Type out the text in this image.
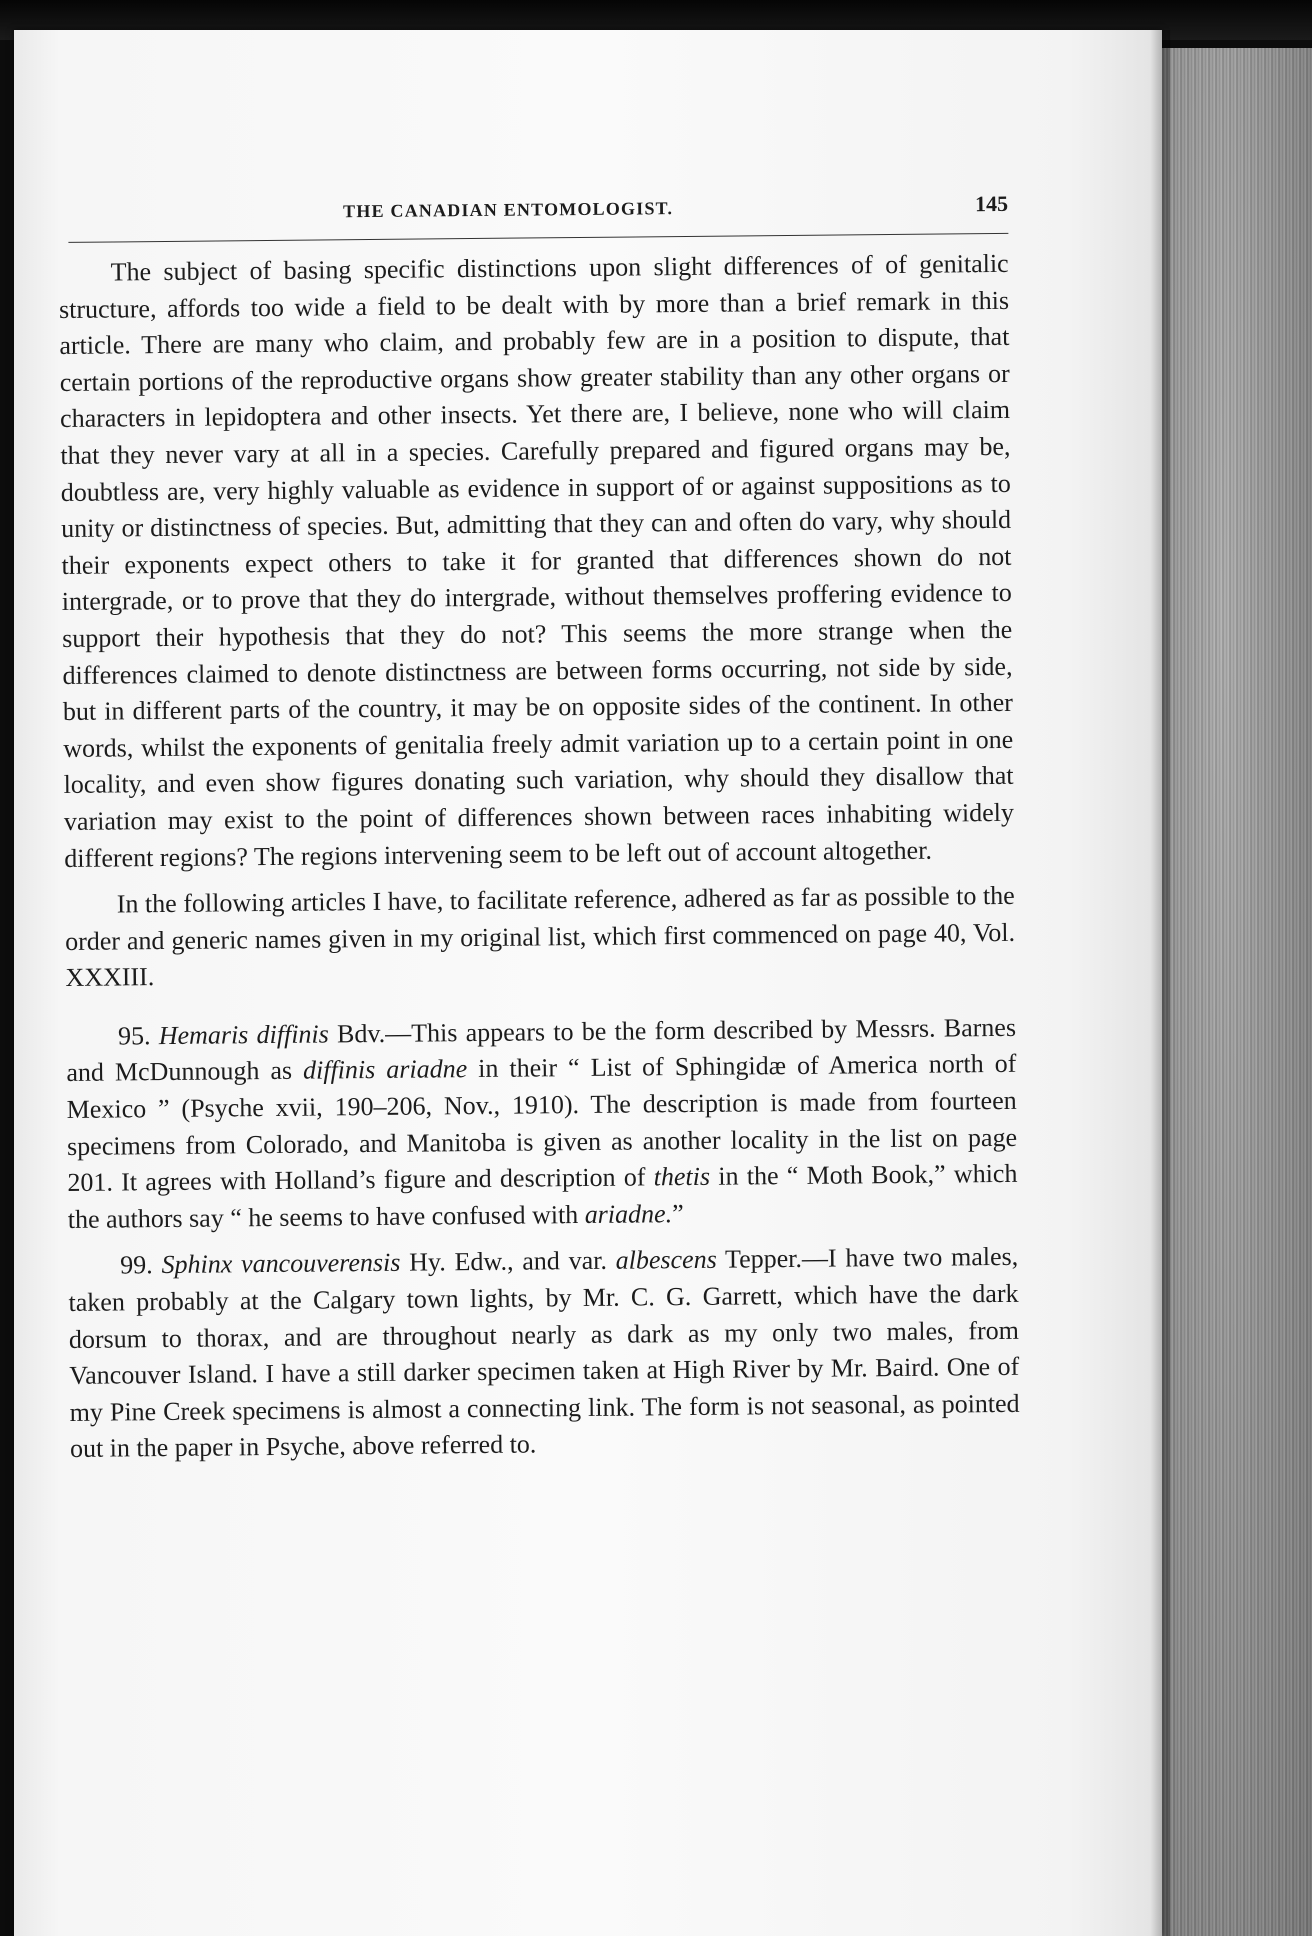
THE CANADIAN ENTOMOLOGIST.	145

The subject of basing specific distinctions upon slight differences of of genitalic structure, affords too wide a field to be dealt with by more than a brief remark in this article. There are many who claim, and probably few are in a position to dispute, that certain portions of the reproductive organs show greater stability than any other organs or characters in lepidoptera and other insects. Yet there are, I believe, none who will claim that they never vary at all in a species. Carefully prepared and figured organs may be, doubtless are, very highly valuable as evidence in support of or against suppositions as to unity or distinctness of species. But, admitting that they can and often do vary, why should their exponents expect others to take it for granted that differences shown do not intergrade, or to prove that they do intergrade, without themselves proffering evidence to support their hypothesis that they do not? This seems the more strange when the differences claimed to denote distinctness are between forms occurring, not side by side, but in different parts of the country, it may be on opposite sides of the continent. In other words, whilst the exponents of genitalia freely admit variation up to a certain point in one locality, and even show figures donating such variation, why should they disallow that variation may exist to the point of differences shown between races inhabiting widely different regions? The regions intervening seem to be left out of account altogether.

In the following articles I have, to facilitate reference, adhered as far as possible to the order and generic names given in my original list, which first commenced on page 40, Vol. XXXIII.

95. Hemaris diffinis Bdv.—This appears to be the form described by Messrs. Barnes and McDunnough as diffinis ariadne in their “ List of Sphingidæ of America north of Mexico ” (Psyche xvii, 190–206, Nov., 1910). The description is made from fourteen specimens from Colorado, and Manitoba is given as another locality in the list on page 201. It agrees with Holland’s figure and description of thetis in the “ Moth Book,” which the authors say “ he seems to have confused with ariadne.”

99. Sphinx vancouverensis Hy. Edw., and var. albescens Tepper.—I have two males, taken probably at the Calgary town lights, by Mr. C. G. Garrett, which have the dark dorsum to thorax, and are throughout nearly as dark as my only two males, from Vancouver Island. I have a still darker specimen taken at High River by Mr. Baird. One of my Pine Creek specimens is almost a connecting link. The form is not seasonal, as pointed out in the paper in Psyche, above referred to.
